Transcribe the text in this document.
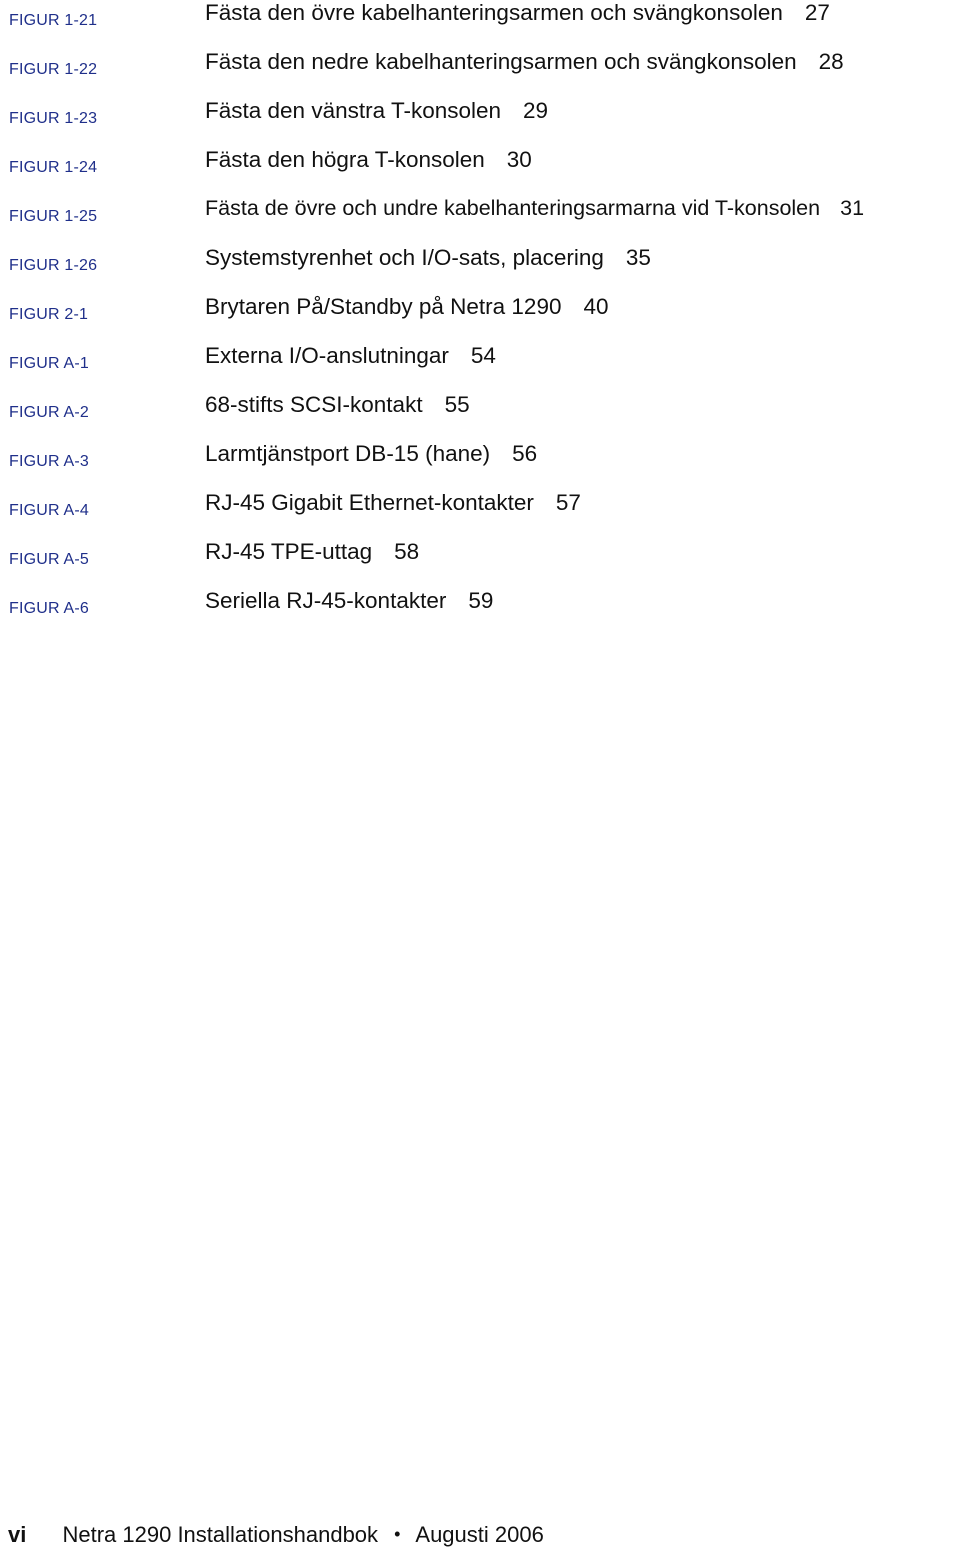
FIGUR 1-21	Fästa den övre kabelhanteringsarmen och svängkonsolen 27
FIGUR 1-22	Fästa den nedre kabelhanteringsarmen och svängkonsolen 28
FIGUR 1-23	Fästa den vänstra T-konsolen 29
FIGUR 1-24	Fästa den högra T-konsolen 30
FIGUR 1-25	Fästa de övre och undre kabelhanteringsarmarna vid T-konsolen 31
FIGUR 1-26	Systemstyrenhet och I/O-sats, placering 35
FIGUR 2-1	Brytaren På/Standby på Netra 1290 40
FIGUR A-1	Externa I/O-anslutningar 54
FIGUR A-2	68-stifts SCSI-kontakt 55
FIGUR A-3	Larmtjänstport DB-15 (hane) 56
FIGUR A-4	RJ-45 Gigabit Ethernet-kontakter 57
FIGUR A-5	RJ-45 TPE-uttag 58
FIGUR A-6	Seriella RJ-45-kontakter 59
vi Netra 1290 Installationshandbok • Augusti 2006
